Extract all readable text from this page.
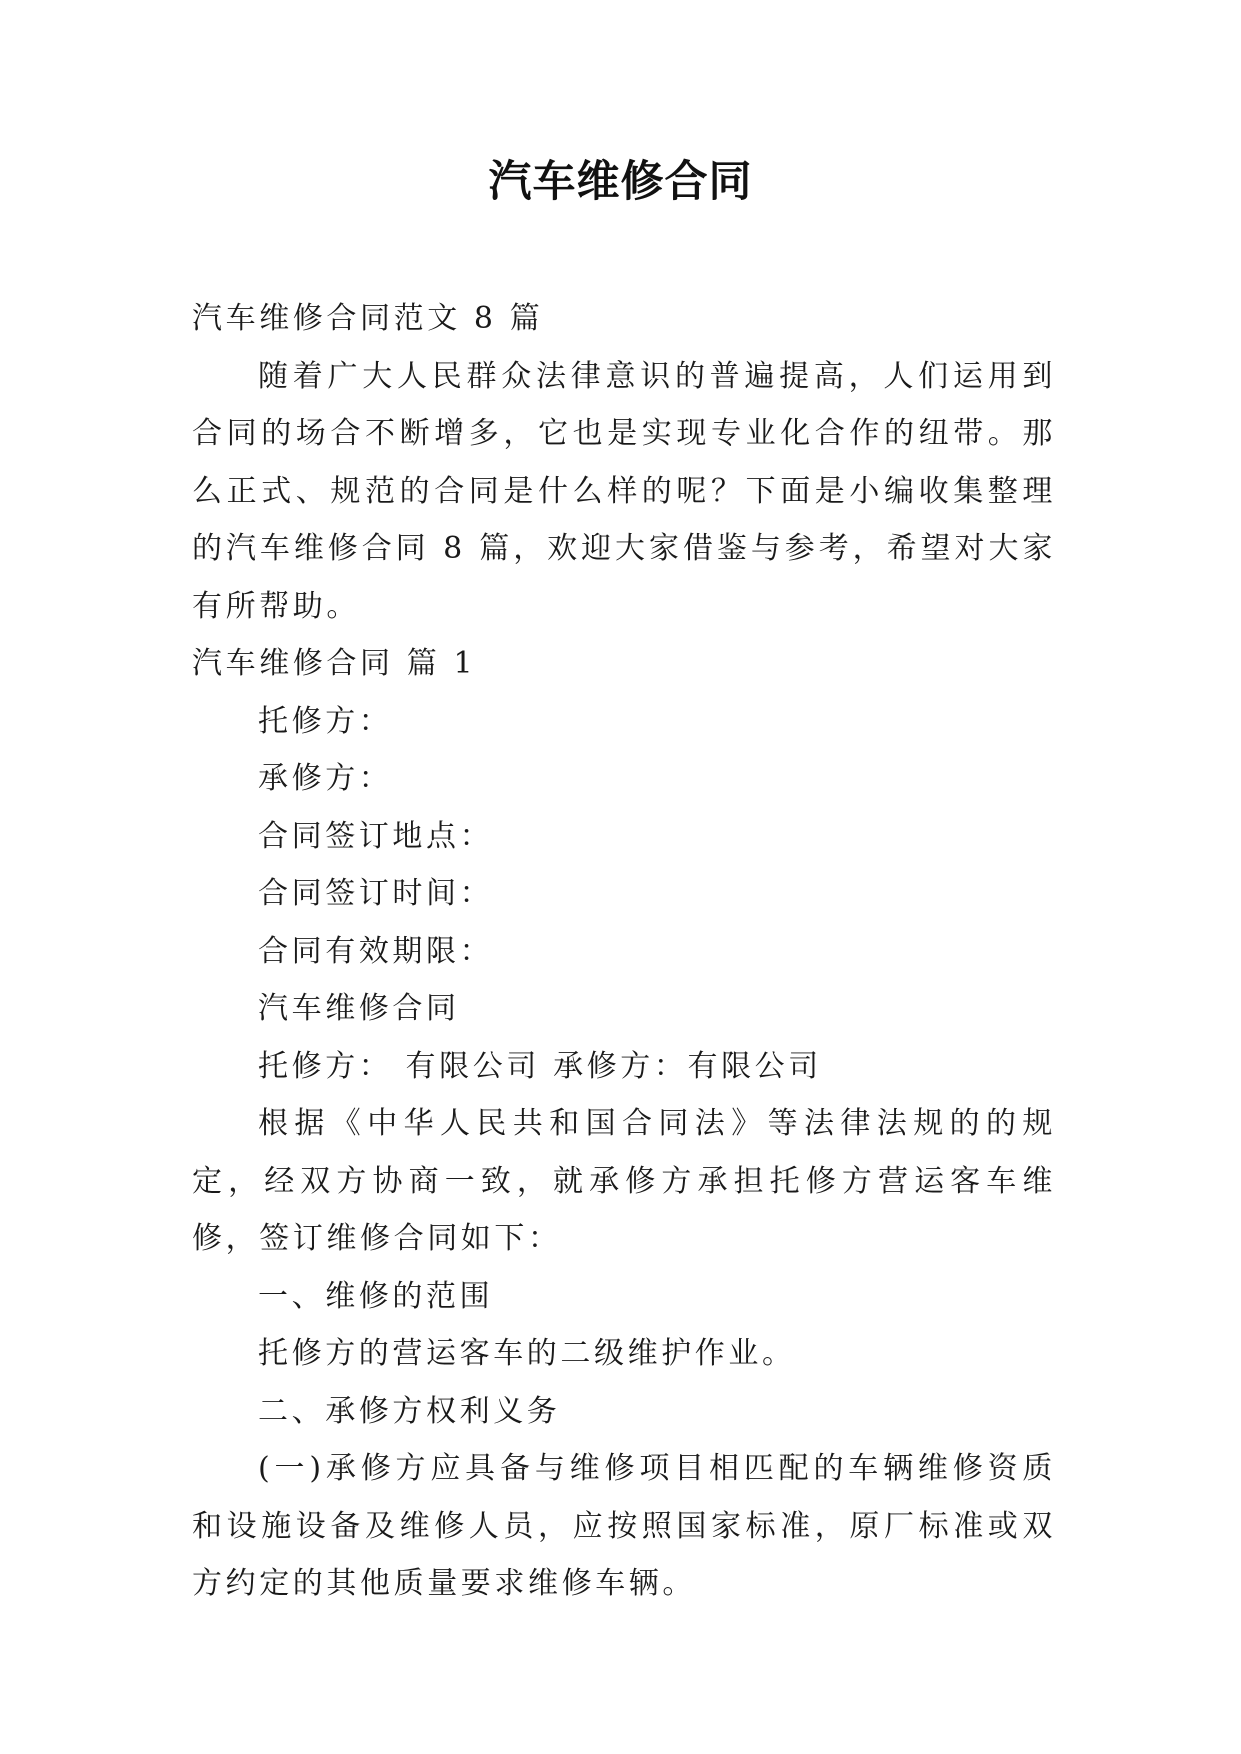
汽车维修合同

汽车维修合同范文 8 篇

随着广大人民群众法律意识的普遍提高，人们运用到合同的场合不断增多，它也是实现专业化合作的纽带。那么正式、规范的合同是什么样的呢？下面是小编收集整理的汽车维修合同 8 篇，欢迎大家借鉴与参考，希望对大家有所帮助。

汽车维修合同 篇 1

托修方：

承修方：

合同签订地点：

合同签订时间：

合同有效期限：

汽车维修合同

托修方： 有限公司 承修方：有限公司

根据《中华人民共和国合同法》等法律法规的的规定，经双方协商一致，就承修方承担托修方营运客车维修，签订维修合同如下：

一、维修的范围

托修方的营运客车的二级维护作业。

二、承修方权利义务

(一)承修方应具备与维修项目相匹配的车辆维修资质和设施设备及维修人员，应按照国家标准，原厂标准或双方约定的其他质量要求维修车辆。
